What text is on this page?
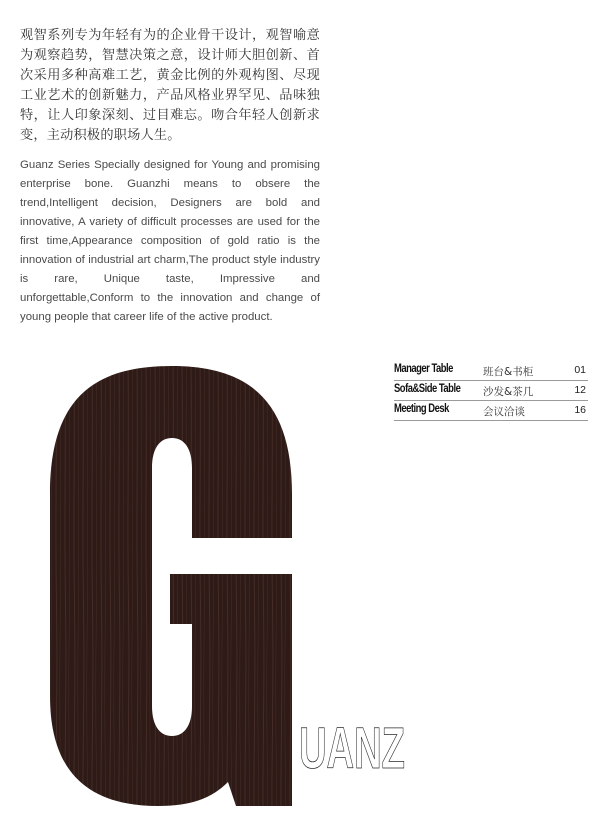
观智系列专为年轻有为的企业骨干设计，观智喻意为观察趋势，智慧决策之意，设计师大胆创新、首次采用多种高难工艺，黄金比例的外观构图、尽现工业艺术的创新魅力，产品风格业界罕见、品味独特，让人印象深刻、过目难忘。吻合年轻人创新求变，主动积极的职场人生。

Guanz Series Specially designed for Young and promising enterprise bone. Guanzhi means to obsere the trend,Intelligent decision, Designers are bold and innovative, A variety of difficult processes are used for the first time,Appearance composition of gold ratio is the innovation of industrial art charm,The product style industry is rare, Unique taste, Impressive and unforgettable,Conform to the innovation and change of young people that career life of the active product.

Manager Table	班台&书柜	01
Sofa&Side Table 沙发&茶几	12
Meeting Desk	会议洽谈	16
UANZ
